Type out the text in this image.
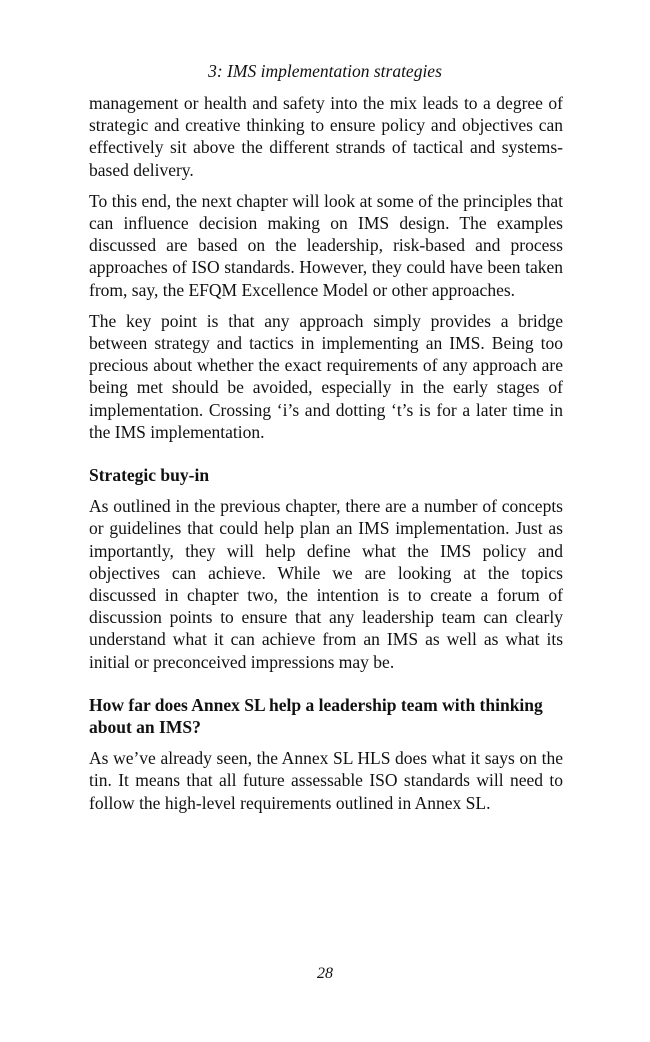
3: IMS implementation strategies

management or health and safety into the mix leads to a degree of strategic and creative thinking to ensure policy and objectives can effectively sit above the different strands of tactical and systems-based delivery.

To this end, the next chapter will look at some of the principles that can influence decision making on IMS design. The examples discussed are based on the leadership, risk-based and process approaches of ISO standards. However, they could have been taken from, say, the EFQM Excellence Model or other approaches.

The key point is that any approach simply provides a bridge between strategy and tactics in implementing an IMS. Being too precious about whether the exact requirements of any approach are being met should be avoided, especially in the early stages of implementation. Crossing ‘i’s and dotting ‘t’s is for a later time in the IMS implementation.

Strategic buy-in

As outlined in the previous chapter, there are a number of concepts or guidelines that could help plan an IMS implementation. Just as importantly, they will help define what the IMS policy and objectives can achieve. While we are looking at the topics discussed in chapter two, the intention is to create a forum of discussion points to ensure that any leadership team can clearly understand what it can achieve from an IMS as well as what its initial or preconceived impressions may be.

How far does Annex SL help a leadership team with thinking about an IMS?

As we’ve already seen, the Annex SL HLS does what it says on the tin. It means that all future assessable ISO standards will need to follow the high-level requirements outlined in Annex SL.

28
